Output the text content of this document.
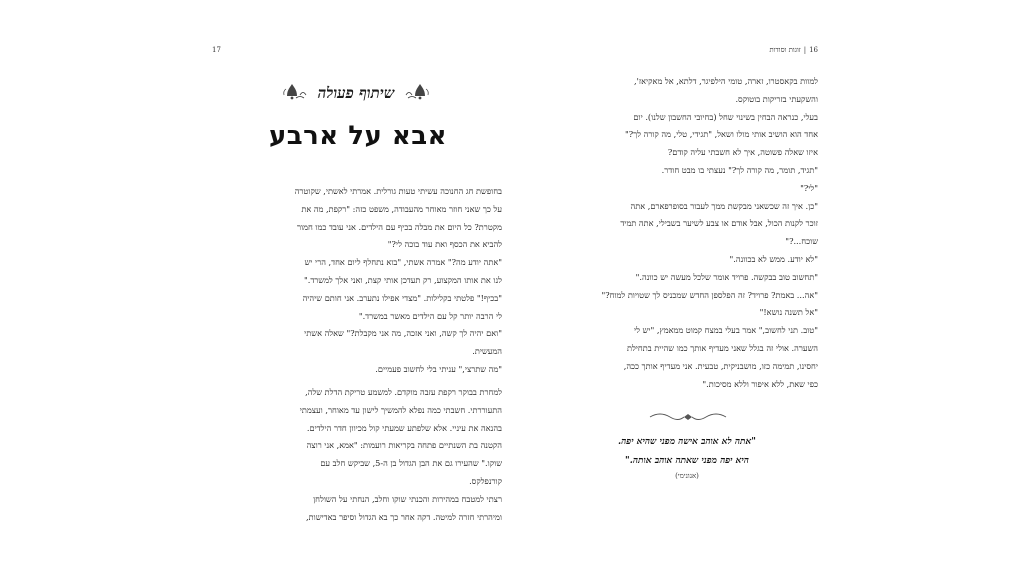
17
שיתוף פעולה
אבא על ארבע

בחופשת חג החנוכה עשיתי טעות גורלית. אמרתי לאשתי, שקוטרה

על כך שאני חוזר מאוחר מהעבודה, משפט כזה: "רקפת, מה את

מקטרת? כל היום את מבלה בכיף עם הילדים. אני עובד כמו חמור

להביא את הכסף ואת עוד בוכה לי?"

"אתה יודע מה?" אמרה אשתי, "בוא נתחלף ליום אחד, הרי יש

לנו את אותו המקצוע, רק תעדכן אותי קצת, ואני אלך למשרד."

"בכיף!" פלטתי בקלילות. "מצדי אפילו נתערב. אני חותם שיהיה

לי הרבה יותר קל עם הילדים מאשר במשרד."

"ואם יהיה לך קשה, ואני אזכה, מה אני מקבלת?" שאלה אשתי

המעשית.

"מה שתרצי," עניתי בלי לחשוב פעמיים.

למחרת בבוקר רקפת עזבה מוקדם. למשמע טריקת הדלת שלה,

התעוררתי. חשבתי כמה נפלא להמשיך לישון עד מאוחר, ועצמתי

בהנאה את עיניי. אלא שלפתע שמעתי קול מכיוון חדר הילדים.

הקטנה בת השנתיים פתחה בקריאות רועמות: "אמא, אני רוצה

שוקו." שהעירו גם את הבן הגדול בן ה-5, שביקש חלב עם

קורנפלקס.

רצתי למטבח במהירות והכנתי שוקו וחלב, הנחתי על השולחן

ומיהרתי חזרה למיטה. דקה אחר כך בא הגדול וסיפר באדישות,

16|זוגות וסודות

למוות בקאסטרו, זארה, טומי הילפיגר, דלתא, אל מאקיאז',

והשקעתי בזריקות בוטוקס.

בעלי, כנראה הבחין בשינוי שחל (בחיובי החשבון שלנו). יום

אחד הוא הושיב אותי מולו ושאל, "תגידי, טלי, מה קורה לך?"

איזו שאלה פשוטה, איך לא חשבתי עליה קודם?

"תגיד, תומר, מה קורה לך?" נעצתי בו מבט חודר.

"לי?"

"כן. איך זה שכשאני מבקשת ממך לעבור בסופרפארם, אתה

זוכר לקנות הכול, אבל אודם או צבע לשיער בשבילי, אתה תמיד

שוכח...?"

"לא יודע. ממש לא בכוונה."

"תחשוב טוב בבקשה. פרויד אומר שלכל מעשה יש כוונה."

"אה... באמת? פרויד? זה הפלספן החדש שמכניס לך שטויות למוח?"

"אל תשנה נושא!"

"טוב. תני לחשוב," אמר בעלי במצח קמוט ממאמץ, "יש לי

השערה. אולי זה בגלל שאני מעדיף אותך כמו שהיית בתחילת

יחסינו, תמימה כזו, מושבניקית, טבעית. אני מעדיף אותך ככה,

כפי שאת, ללא איפור וללא מסיכות."

"אתה לא אוהב אישה מפני שהיא יפה.

היא יפה מפני שאתה אוהב אותה."

(אנונימי)
